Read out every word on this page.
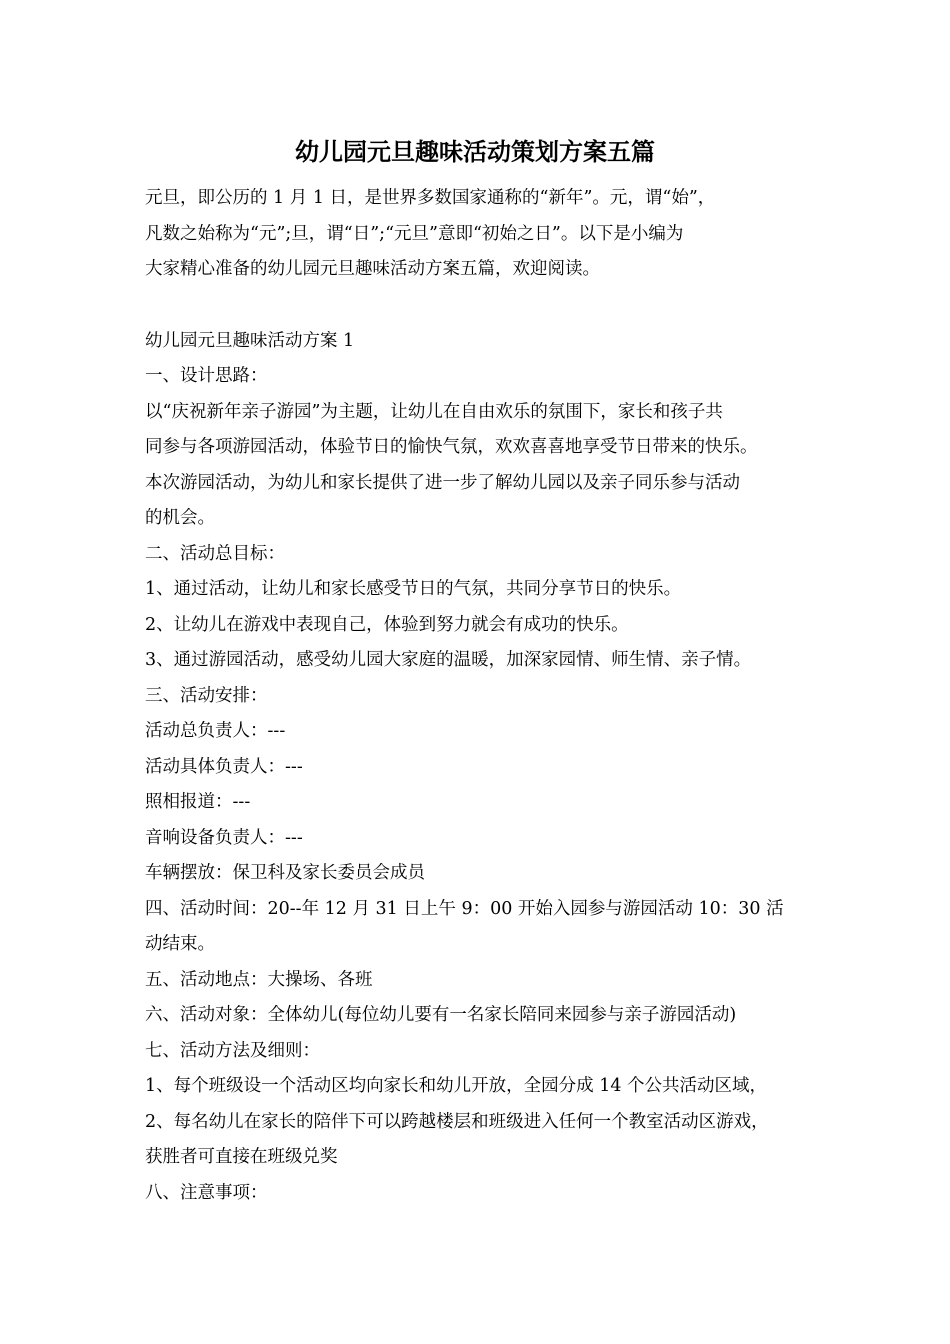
幼儿园元旦趣味活动策划方案五篇
元旦，即公历的 1 月 1 日，是世界多数国家通称的“新年”。元，谓“始”，
凡数之始称为“元”;旦，谓“日”;“元旦”意即“初始之日”。以下是小编为
大家精心准备的幼儿园元旦趣味活动方案五篇，欢迎阅读。
幼儿园元旦趣味活动方案 1
一、设计思路：
以“庆祝新年亲子游园”为主题，让幼儿在自由欢乐的氛围下，家长和孩子共
同参与各项游园活动，体验节日的愉快气氛，欢欢喜喜地享受节日带来的快乐。
本次游园活动，为幼儿和家长提供了进一步了解幼儿园以及亲子同乐参与活动
的机会。
二、活动总目标：
1、通过活动，让幼儿和家长感受节日的气氛，共同分享节日的快乐。
2、让幼儿在游戏中表现自己，体验到努力就会有成功的快乐。
3、通过游园活动，感受幼儿园大家庭的温暖，加深家园情、师生情、亲子情。
三、活动安排：
活动总负责人：---
活动具体负责人：---
照相报道：---
音响设备负责人：---
车辆摆放：保卫科及家长委员会成员
四、活动时间：20--年 12 月 31 日上午 9：00 开始入园参与游园活动 10：30 活
动结束。
五、活动地点：大操场、各班
六、活动对象：全体幼儿(每位幼儿要有一名家长陪同来园参与亲子游园活动)
七、活动方法及细则：
1、每个班级设一个活动区均向家长和幼儿开放，全园分成 14 个公共活动区域，
2、每名幼儿在家长的陪伴下可以跨越楼层和班级进入任何一个教室活动区游戏，
获胜者可直接在班级兑奖
八、注意事项：
